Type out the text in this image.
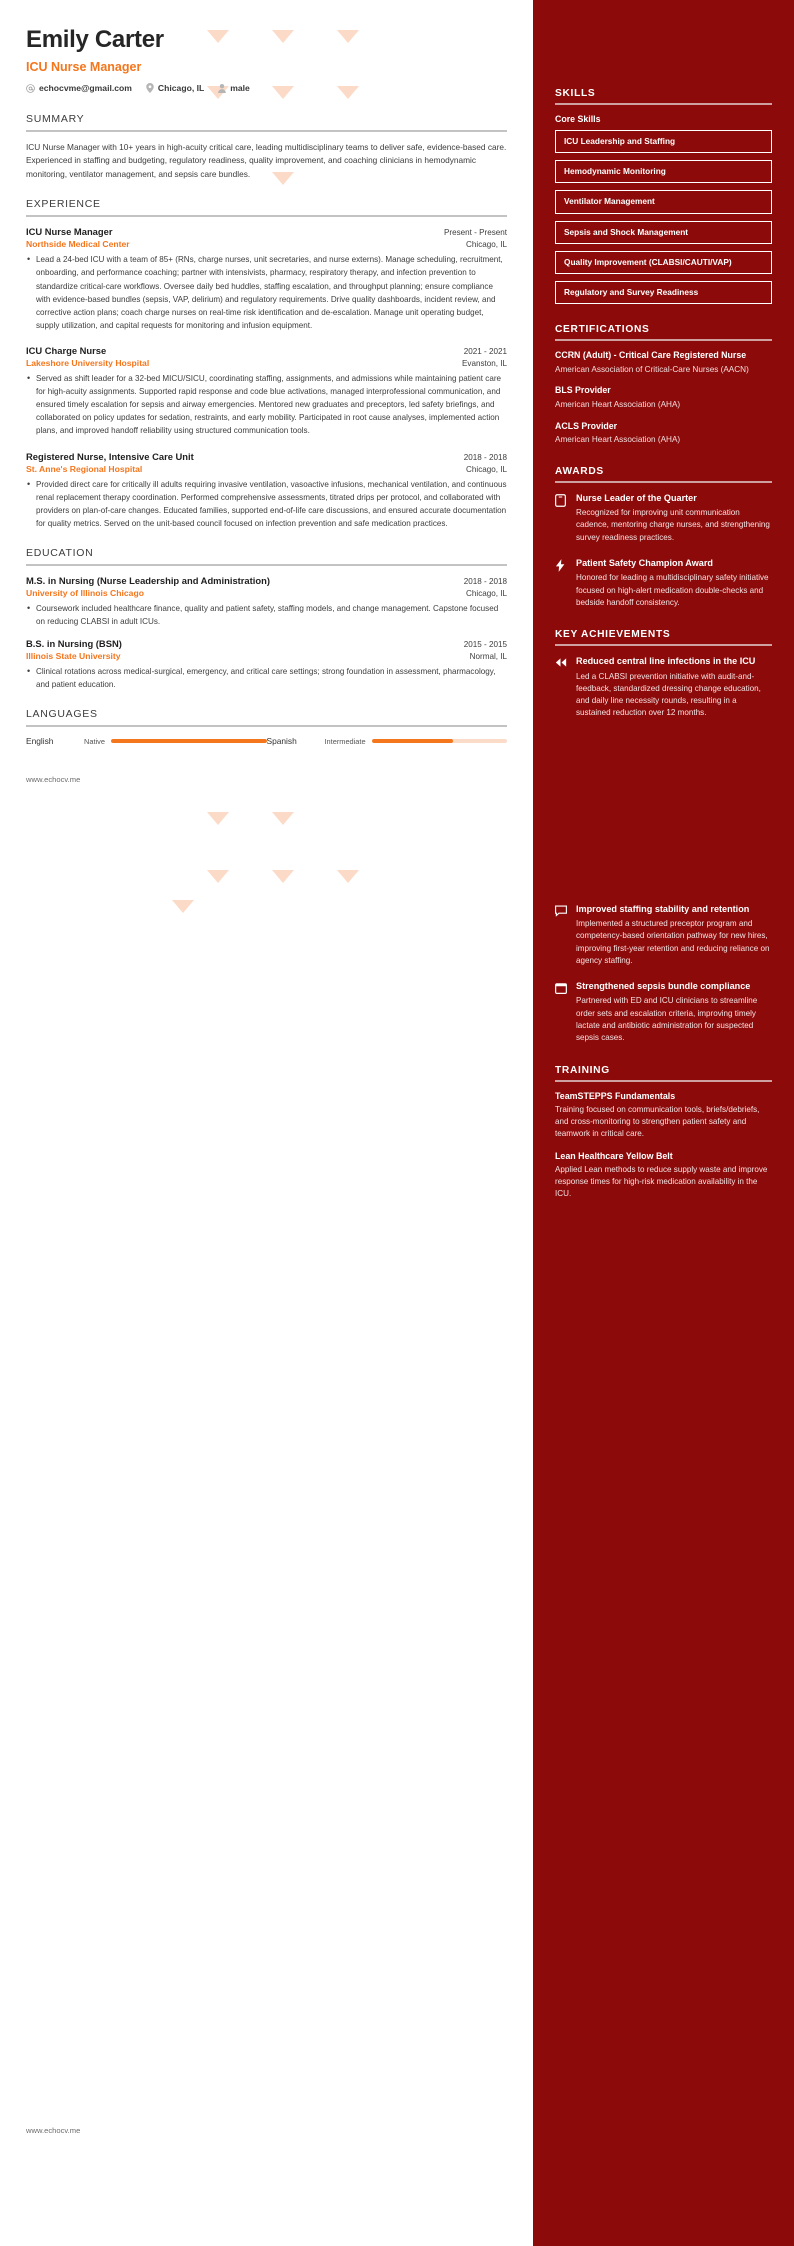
Emily Carter
ICU Nurse Manager
echocvme@gmail.com	Chicago, IL	male
SUMMARY

ICU Nurse Manager with 10+ years in high-acuity critical care, leading multidisciplinary teams to deliver safe, evidence-based care. Experienced in staffing and budgeting, regulatory readiness, quality improvement, and coaching clinicians in hemodynamic monitoring, ventilator management, and sepsis care bundles.

EXPERIENCE
ICU Nurse Manager	Present - Present
Northside Medical Center	Chicago, IL
• Lead a 24-bed ICU with a team of 85+ (RNs, charge nurses, unit secretaries, and nurse externs). Manage scheduling, recruitment, onboarding, and performance coaching; partner with intensivists, pharmacy, respiratory therapy, and infection prevention to standardize critical-care workflows. Oversee daily bed huddles, staffing escalation, and throughput planning; ensure compliance with evidence-based bundles (sepsis, VAP, delirium) and regulatory requirements. Drive quality dashboards, incident review, and corrective action plans; coach charge nurses on real-time risk identification and de-escalation. Manage unit operating budget, supply utilization, and capital requests for monitoring and infusion equipment.
ICU Charge Nurse	2021 - 2021
Lakeshore University Hospital	Evanston, IL
• Served as shift leader for a 32-bed MICU/SICU, coordinating staffing, assignments, and admissions while maintaining patient care for high-acuity assignments. Supported rapid response and code blue activations, managed interprofessional communication, and ensured timely escalation for sepsis and airway emergencies. Mentored new graduates and preceptors, led safety briefings, and collaborated on policy updates for sedation, restraints, and early mobility. Participated in root cause analyses, implemented action plans, and improved handoff reliability using structured communication tools.
Registered Nurse, Intensive Care Unit	2018 - 2018
St. Anne's Regional Hospital	Chicago, IL
• Provided direct care for critically ill adults requiring invasive ventilation, vasoactive infusions, mechanical ventilation, and continuous renal replacement therapy coordination. Performed comprehensive assessments, titrated drips per protocol, and collaborated with providers on plan-of-care changes. Educated families, supported end-of-life care discussions, and ensured accurate documentation for quality metrics. Served on the unit-based council focused on infection prevention and safe medication practices.
EDUCATION
M.S. in Nursing (Nurse Leadership and Administration)	2018 - 2018
University of Illinois Chicago	Chicago, IL
• Coursework included healthcare finance, quality and patient safety, staffing models, and change management. Capstone focused on reducing CLABSI in adult ICUs.
B.S. in Nursing (BSN)	2015 - 2015
Illinois State University	Normal, IL
• Clinical rotations across medical-surgical, emergency, and critical care settings; strong foundation in assessment, pharmacology, and patient education.
LANGUAGES
English	Native	Spanish	Intermediate
www.echocv.me
www.echocv.me
SKILLS
Core Skills
ICU Leadership and Staffing
Hemodynamic Monitoring
Ventilator Management
Sepsis and Shock Management
Quality Improvement (CLABSI/CAUTI/VAP)
Regulatory and Survey Readiness
CERTIFICATIONS
CCRN (Adult) - Critical Care Registered Nurse
American Association of Critical-Care Nurses (AACN)
BLS Provider
American Heart Association (AHA)
ACLS Provider
American Heart Association (AHA)
AWARDS
Nurse Leader of the Quarter
Recognized for improving unit communication cadence, mentoring charge nurses, and strengthening survey readiness practices.
Patient Safety Champion Award
Honored for leading a multidisciplinary safety initiative focused on high-alert medication double-checks and bedside handoff consistency.
KEY ACHIEVEMENTS
Reduced central line infections in the ICU
Led a CLABSI prevention initiative with audit-and-feedback, standardized dressing change education, and daily line necessity rounds, resulting in a sustained reduction over 12 months.
Improved staffing stability and retention
Implemented a structured preceptor program and competency-based orientation pathway for new hires, improving first-year retention and reducing reliance on agency staffing.
Strengthened sepsis bundle compliance
Partnered with ED and ICU clinicians to streamline order sets and escalation criteria, improving timely lactate and antibiotic administration for suspected sepsis cases.
TRAINING
TeamSTEPPS Fundamentals
Training focused on communication tools, briefs/debriefs, and cross-monitoring to strengthen patient safety and teamwork in critical care.
Lean Healthcare Yellow Belt
Applied Lean methods to reduce supply waste and improve response times for high-risk medication availability in the ICU.
